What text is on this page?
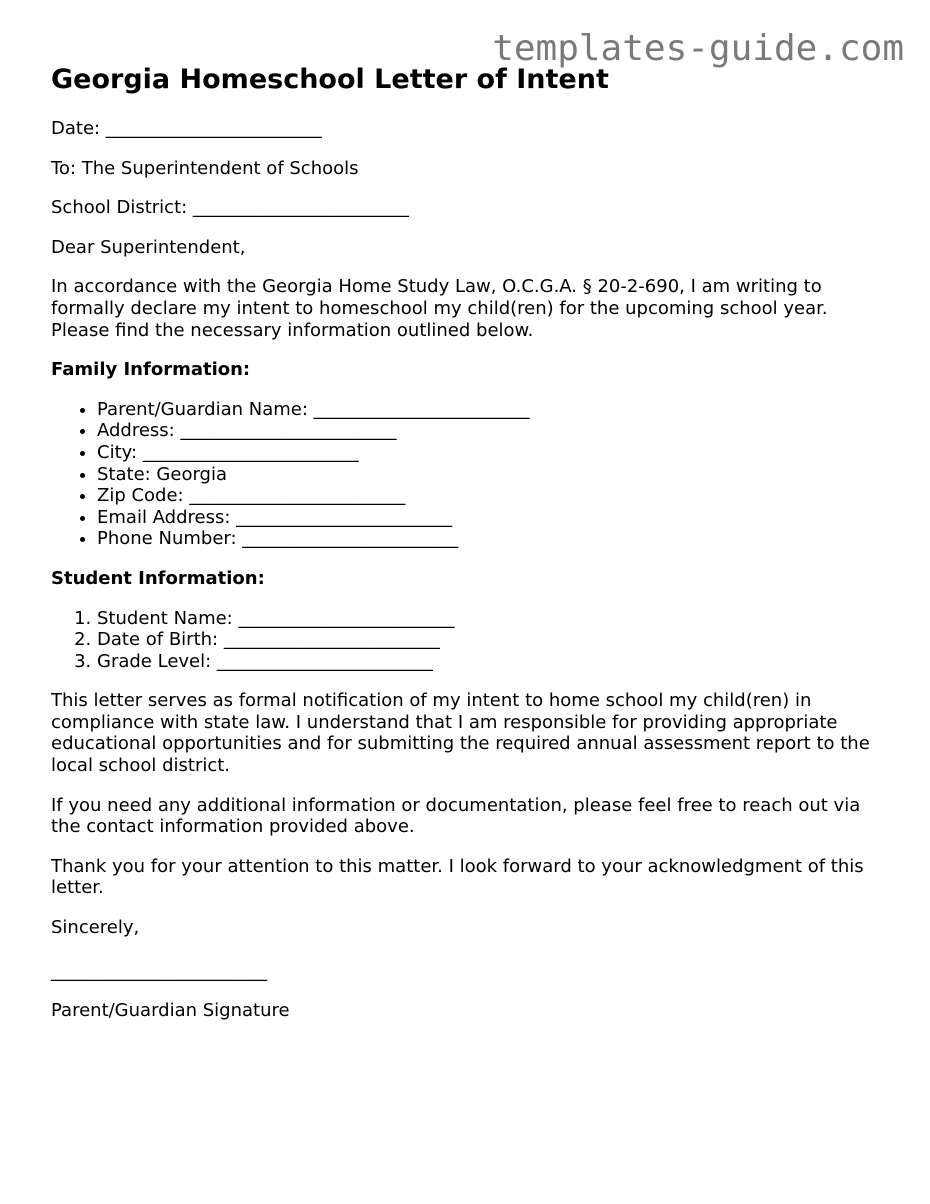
templates-guide.com
Georgia Homeschool Letter of Intent

Date: ________________________

To: The Superintendent of Schools

School District: ________________________

Dear Superintendent,

In accordance with the Georgia Home Study Law, O.C.G.A. § 20-2-690, I am writing to formally declare my intent to homeschool my child(ren) for the upcoming school year. Please find the necessary information outlined below.

Family Information:

• Parent/Guardian Name: ________________________
• Address: ________________________
• City: ________________________
• State: Georgia
• Zip Code: ________________________
• Email Address: ________________________
• Phone Number: ________________________

Student Information:

1. Student Name: ________________________
2. Date of Birth: ________________________
3. Grade Level: ________________________

This letter serves as formal notification of my intent to home school my child(ren) in compliance with state law. I understand that I am responsible for providing appropriate educational opportunities and for submitting the required annual assessment report to the local school district.

If you need any additional information or documentation, please feel free to reach out via the contact information provided above.

Thank you for your attention to this matter. I look forward to your acknowledgment of this letter.

Sincerely,

________________________

Parent/Guardian Signature
